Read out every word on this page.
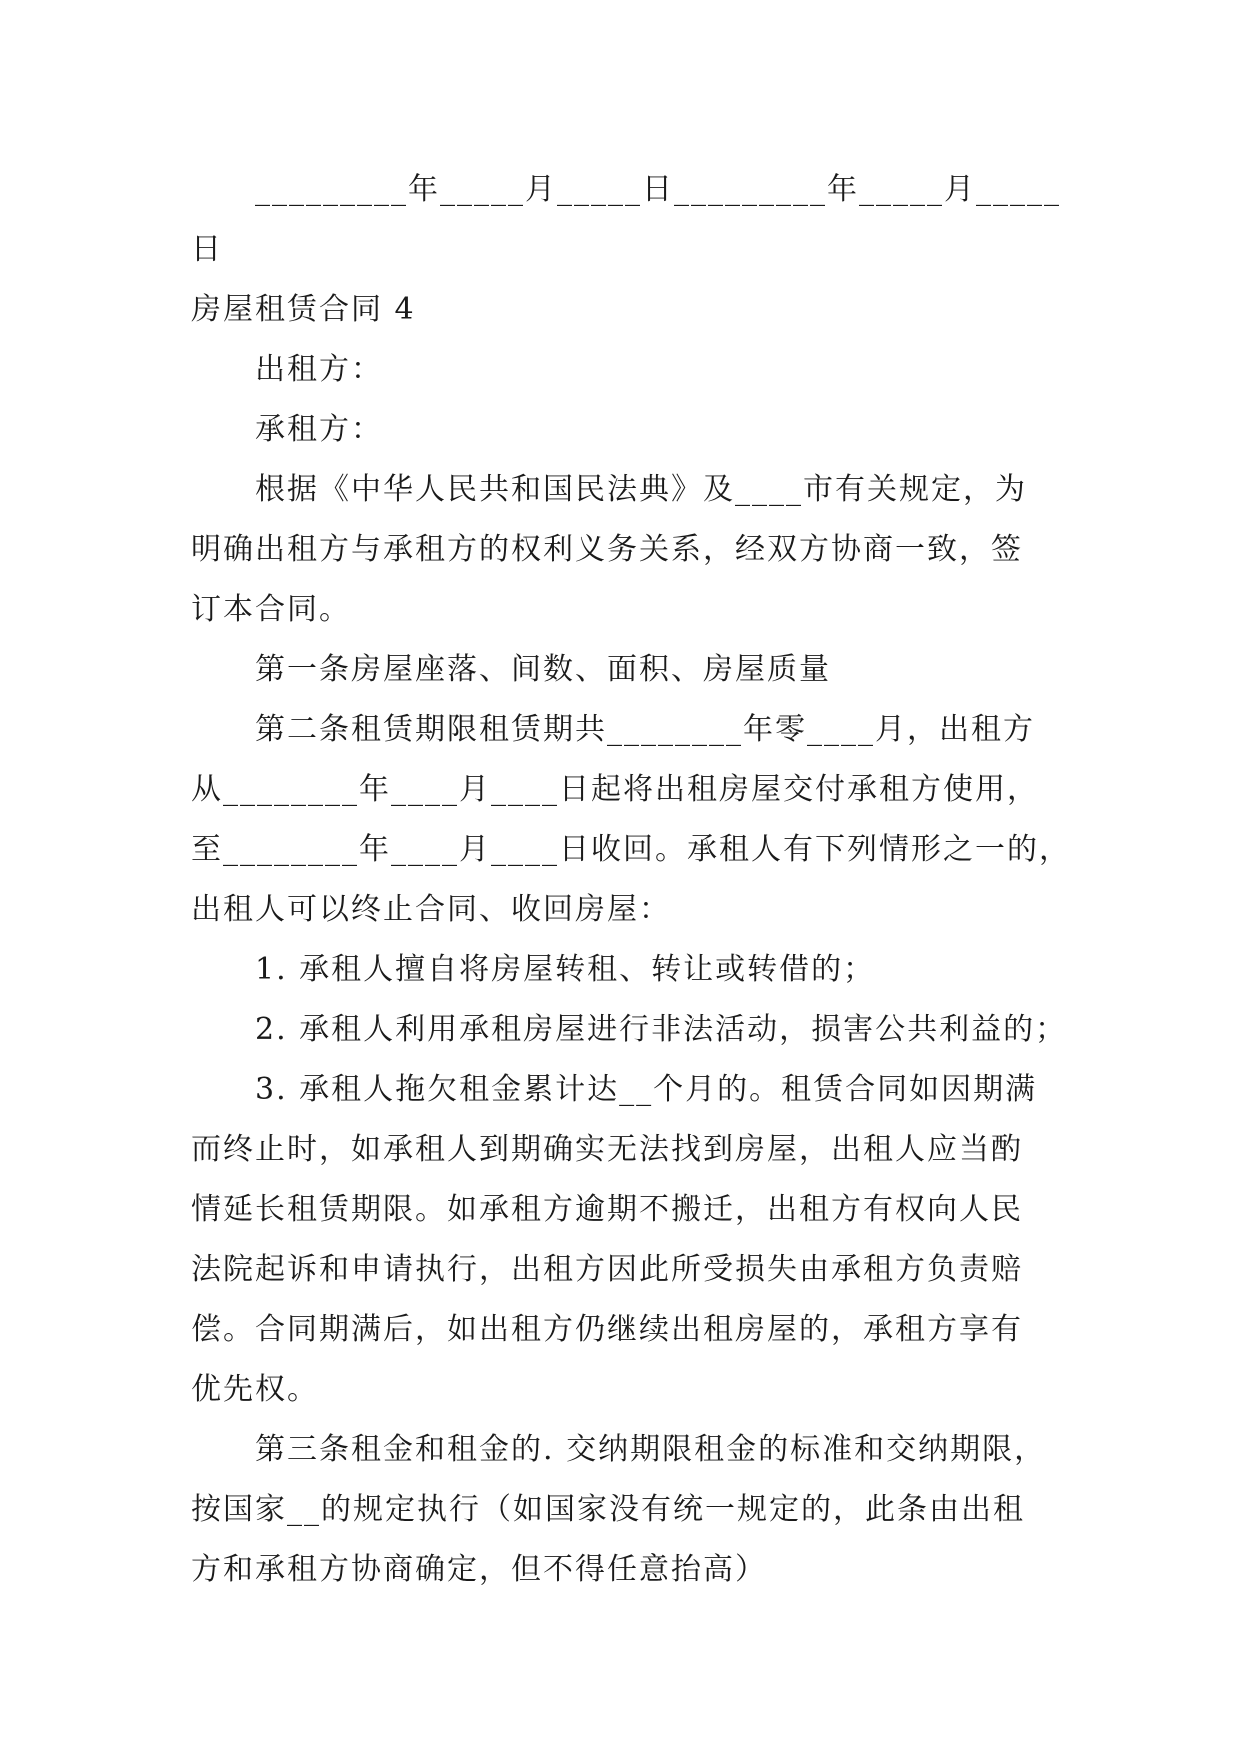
_________年_____月_____日_________年_____月_____
日
房屋租赁合同 4
出租方：
承租方：
根据《中华人民共和国民法典》及____市有关规定，为
明确出租方与承租方的权利义务关系，经双方协商一致，签
订本合同。
第一条房屋座落、间数、面积、房屋质量
第二条租赁期限租赁期共________年零____月，出租方
从________年____月____日起将出租房屋交付承租方使用，
至________年____月____日收回。承租人有下列情形之一的，
出租人可以终止合同、收回房屋：
1. 承租人擅自将房屋转租、转让或转借的；
2. 承租人利用承租房屋进行非法活动，损害公共利益的；
3. 承租人拖欠租金累计达__个月的。租赁合同如因期满
而终止时，如承租人到期确实无法找到房屋，出租人应当酌
情延长租赁期限。如承租方逾期不搬迁，出租方有权向人民
法院起诉和申请执行，出租方因此所受损失由承租方负责赔
偿。合同期满后，如出租方仍继续出租房屋的，承租方享有
优先权。
第三条租金和租金的. 交纳期限租金的标准和交纳期限，
按国家__的规定执行（如国家没有统一规定的，此条由出租
方和承租方协商确定，但不得任意抬高）
